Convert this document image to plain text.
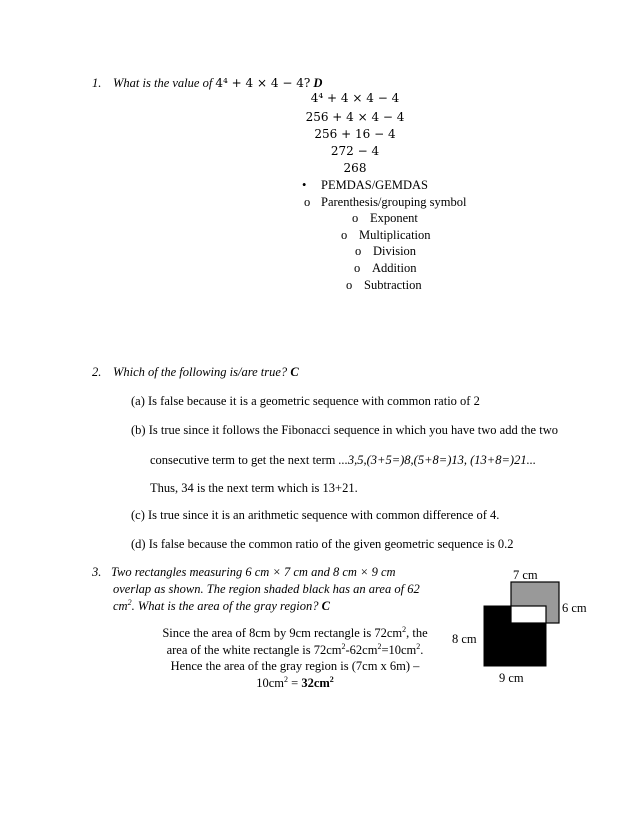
1. What is the value of 4⁴ + 4 × 4 − 4? D
4⁴ + 4 × 4 − 4
256 + 4 × 4 − 4
256 + 16 − 4
272 − 4
268
• PEMDAS/GEMDAS
o Parenthesis/grouping symbol
o Exponent
o Multiplication
o Division
o Addition
o Subtraction
2. Which of the following is/are true? C
(a) Is false because it is a geometric sequence with common ratio of 2
(b) Is true since it follows the Fibonacci sequence in which you have two add the two
consecutive term to get the next term ...3,5,(3+5=)8,(5+8=)13, (13+8=)21...
Thus, 34 is the next term which is 13+21.
(c) Is true since it is an arithmetic sequence with common difference of 4.
(d) Is false because the common ratio of the given geometric sequence is 0.2
3. Two rectangles measuring 6 cm × 7 cm and 8 cm × 9 cm
overlap as shown. The region shaded black has an area of 62
$cm^2$. What is the area of the gray region? C
Since the area of 8cm by 9cm rectangle is $72cm^2$, the
area of the white rectangle is $72cm^2-62cm^2=10cm^2$.
Hence the area of the gray region is (7cm x 6m) –
$10cm^2 = 32cm^2$
7 cm
6 cm
8 cm
9 cm
